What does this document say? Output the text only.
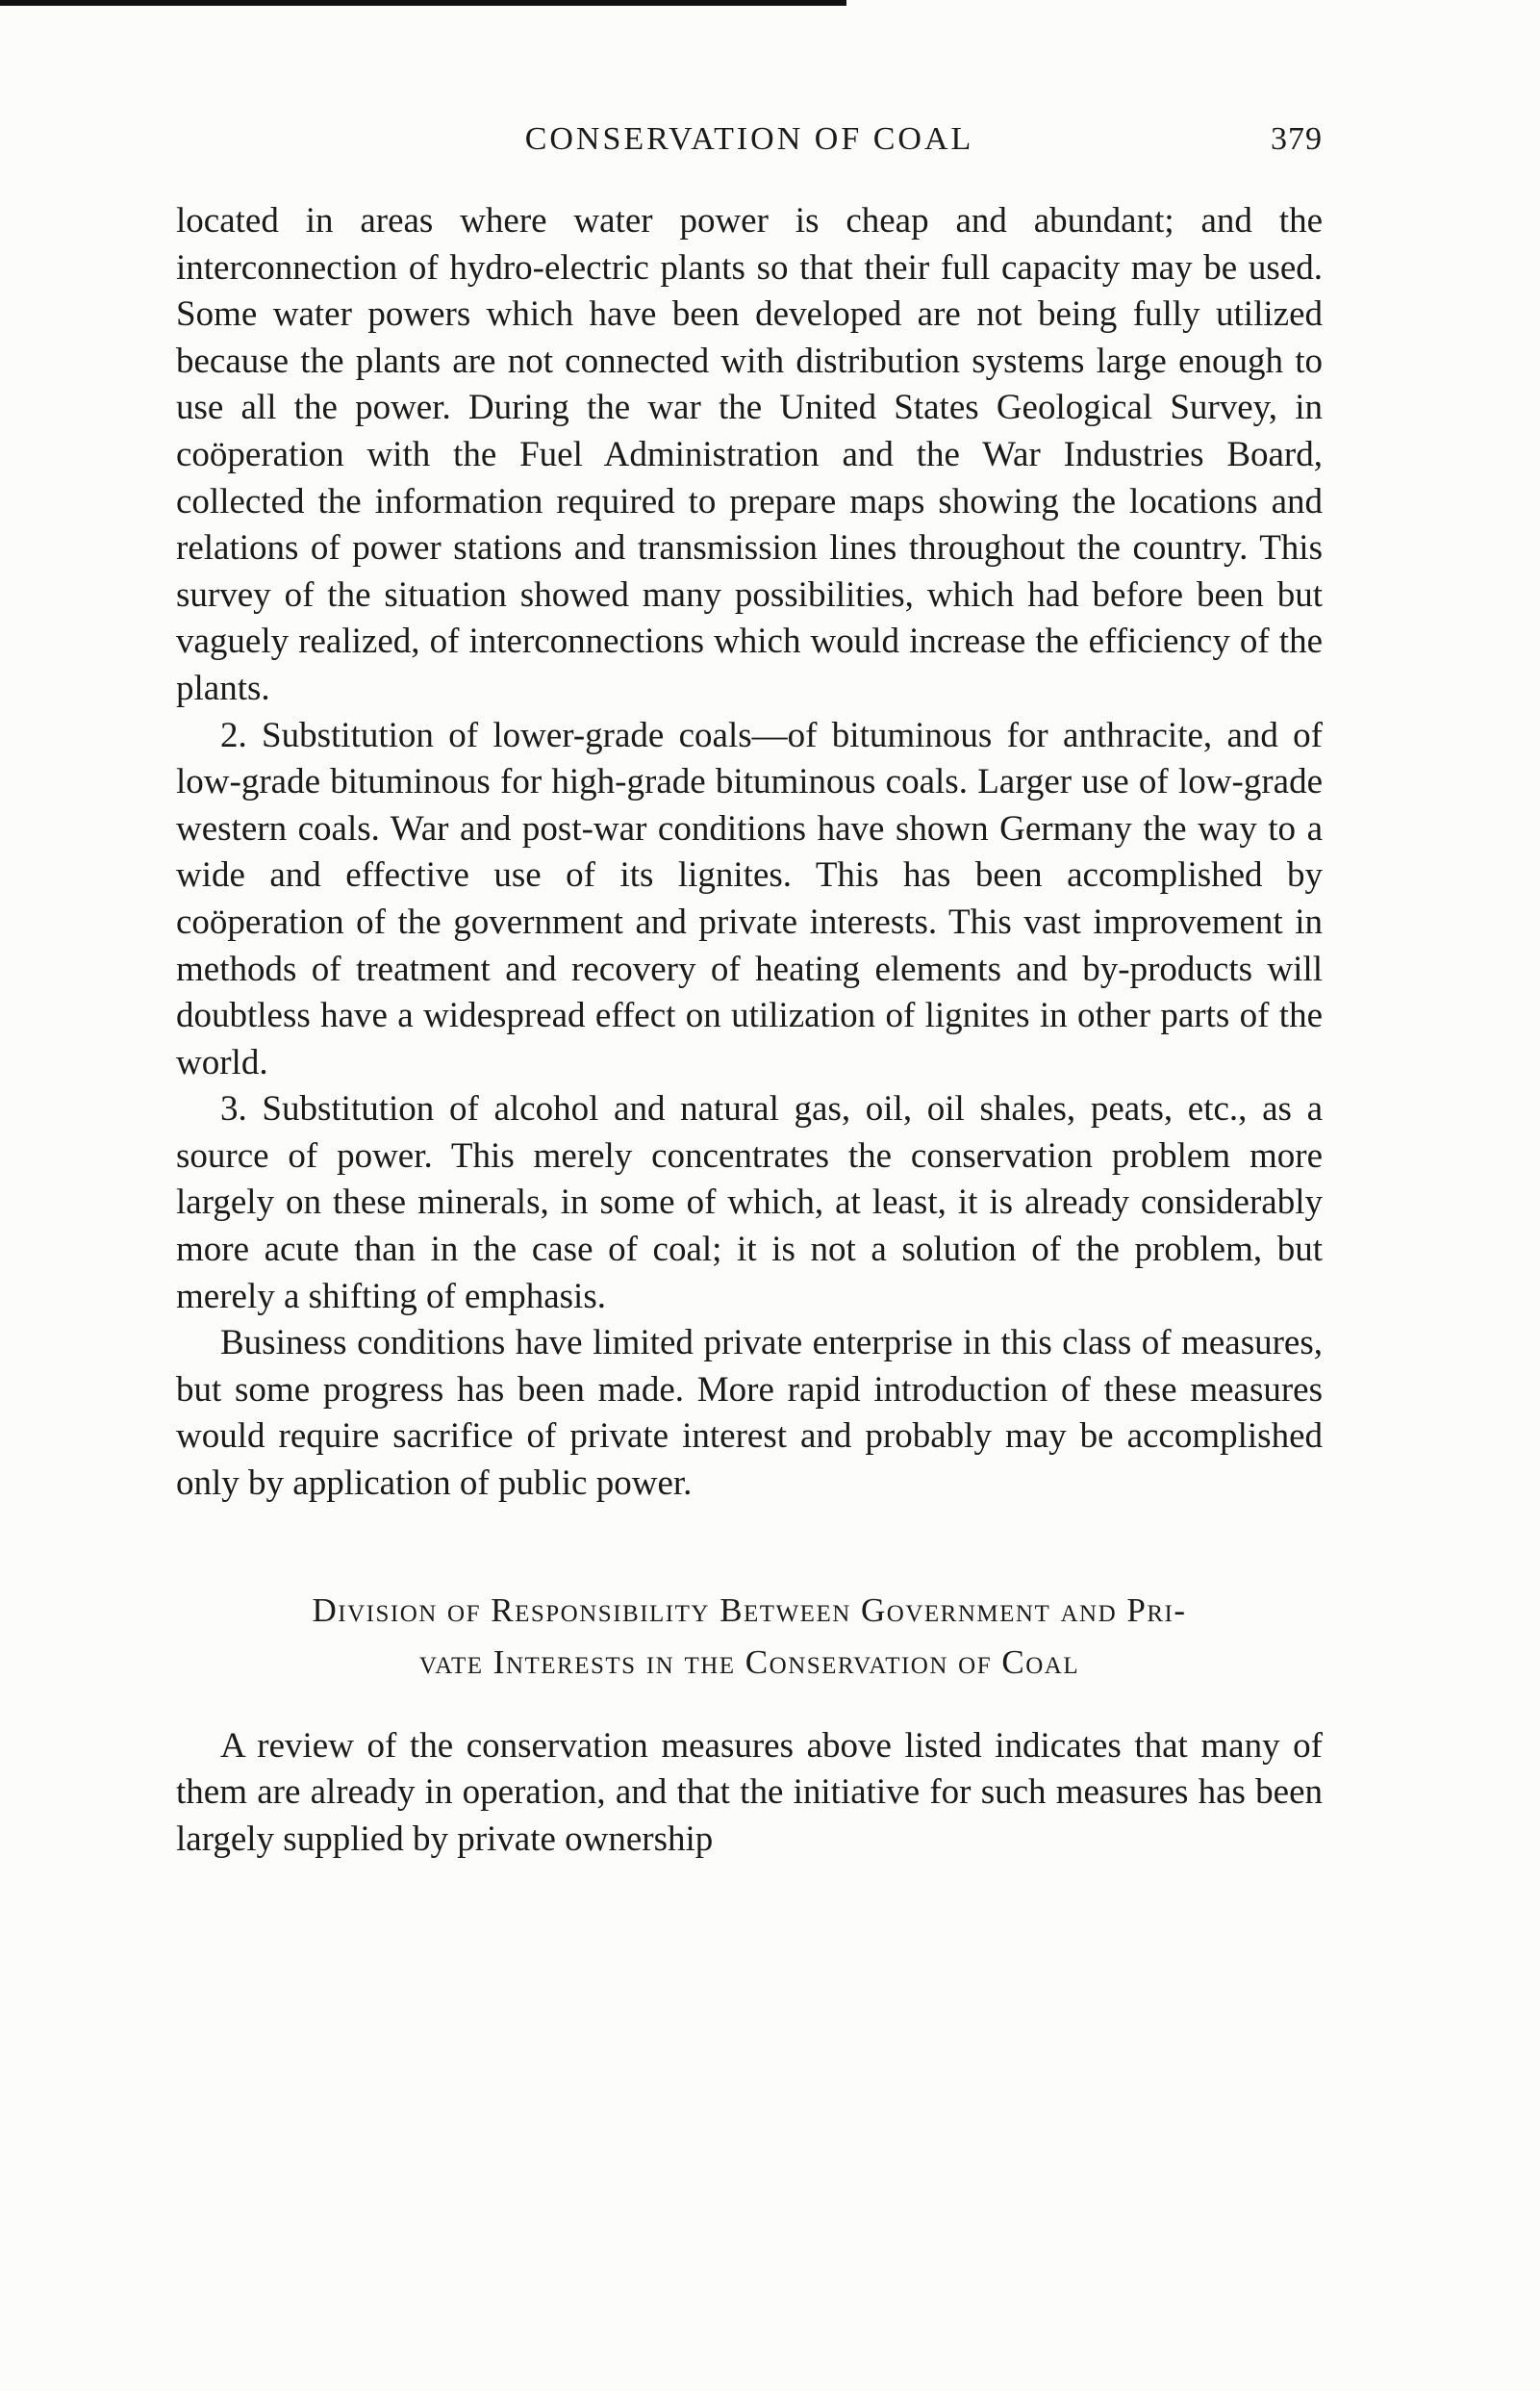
CONSERVATION OF COAL	379

located in areas where water power is cheap and abundant; and the interconnection of hydro-electric plants so that their full capacity may be used. Some water powers which have been developed are not being fully utilized because the plants are not connected with distribution systems large enough to use all the power. During the war the United States Geological Survey, in coöperation with the Fuel Administration and the War Industries Board, collected the information required to prepare maps showing the locations and relations of power stations and transmission lines throughout the country. This survey of the situation showed many possibilities, which had before been but vaguely realized, of interconnections which would increase the efficiency of the plants.

2. Substitution of lower-grade coals—of bituminous for anthracite, and of low-grade bituminous for high-grade bituminous coals. Larger use of low-grade western coals. War and post-war conditions have shown Germany the way to a wide and effective use of its lignites. This has been accomplished by coöperation of the government and private interests. This vast improvement in methods of treatment and recovery of heating elements and by-products will doubtless have a widespread effect on utilization of lignites in other parts of the world.

3. Substitution of alcohol and natural gas, oil, oil shales, peats, etc., as a source of power. This merely concentrates the conservation problem more largely on these minerals, in some of which, at least, it is already considerably more acute than in the case of coal; it is not a solution of the problem, but merely a shifting of emphasis.

Business conditions have limited private enterprise in this class of measures, but some progress has been made. More rapid introduction of these measures would require sacrifice of private interest and probably may be accomplished only by application of public power.

Division of Responsibility Between Government and Pri-
vate Interests in the Conservation of Coal

A review of the conservation measures above listed indicates that many of them are already in operation, and that the initiative for such measures has been largely supplied by private ownership
